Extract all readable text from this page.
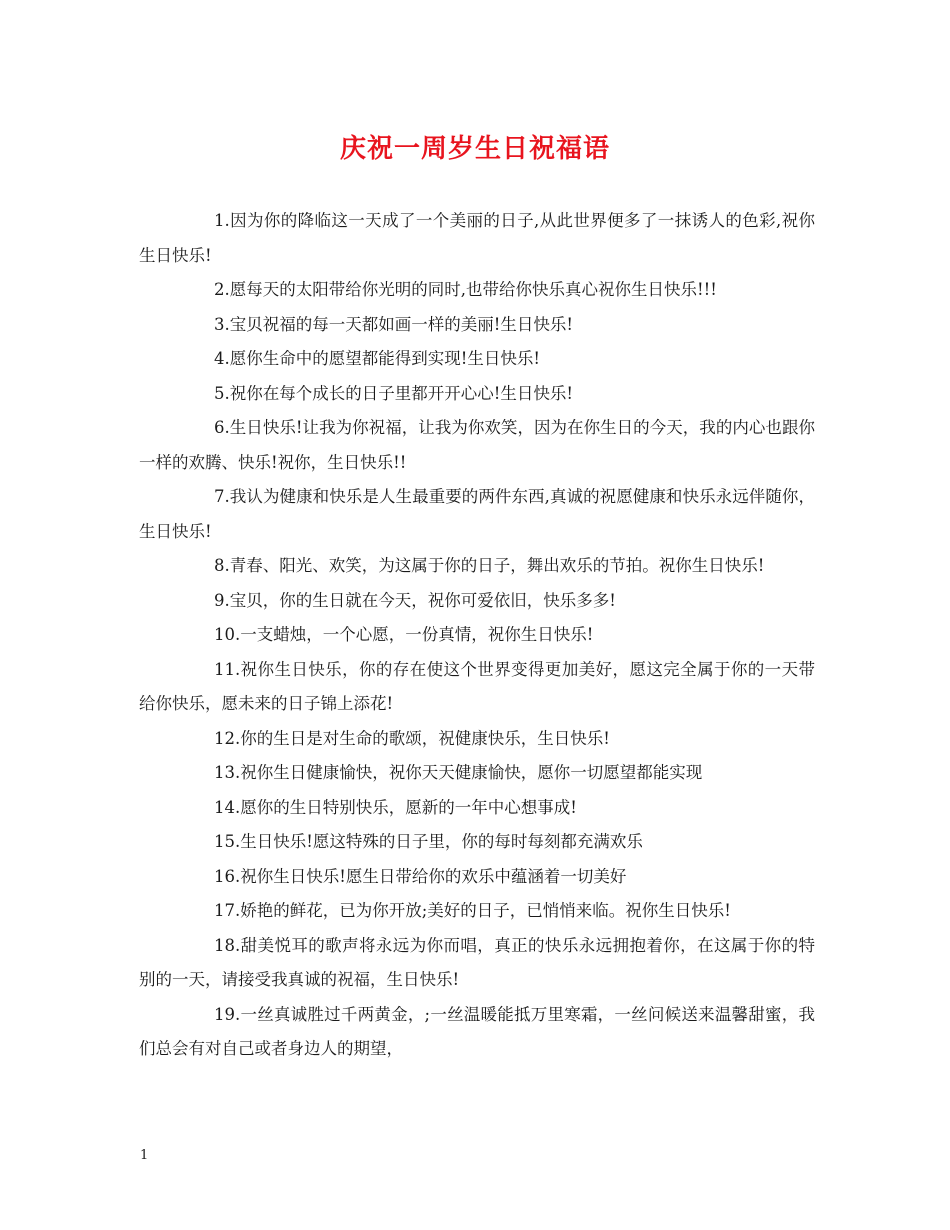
庆祝一周岁生日祝福语

1.因为你的降临这一天成了一个美丽的日子,从此世界便多了一抹诱人的色彩,祝你生日快乐!

2.愿每天的太阳带给你光明的同时,也带给你快乐真心祝你生日快乐!!!

3.宝贝祝福的每一天都如画一样的美丽!生日快乐!

4.愿你生命中的愿望都能得到实现!生日快乐!

5.祝你在每个成长的日子里都开开心心!生日快乐!

6.生日快乐!让我为你祝福，让我为你欢笑，因为在你生日的今天，我的内心也跟你一样的欢腾、快乐!祝你，生日快乐!!

7.我认为健康和快乐是人生最重要的两件东西,真诚的祝愿健康和快乐永远伴随你，生日快乐!

8.青春、阳光、欢笑，为这属于你的日子，舞出欢乐的节拍。祝你生日快乐!

9.宝贝，你的生日就在今天，祝你可爱依旧，快乐多多!

10.一支蜡烛，一个心愿，一份真情，祝你生日快乐!

11.祝你生日快乐，你的存在使这个世界变得更加美好，愿这完全属于你的一天带给你快乐，愿未来的日子锦上添花!

12.你的生日是对生命的歌颂，祝健康快乐，生日快乐!

13.祝你生日健康愉快，祝你天天健康愉快，愿你一切愿望都能实现

14.愿你的生日特别快乐，愿新的一年中心想事成!

15.生日快乐!愿这特殊的日子里，你的每时每刻都充满欢乐

16.祝你生日快乐!愿生日带给你的欢乐中蕴涵着一切美好

17.娇艳的鲜花，已为你开放;美好的日子，已悄悄来临。祝你生日快乐!

18.甜美悦耳的歌声将永远为你而唱，真正的快乐永远拥抱着你，在这属于你的特别的一天，请接受我真诚的祝福，生日快乐!

19.一丝真诚胜过千两黄金，;一丝温暖能抵万里寒霜，一丝问候送来温馨甜蜜，我们总会有对自己或者身边人的期望，

1
